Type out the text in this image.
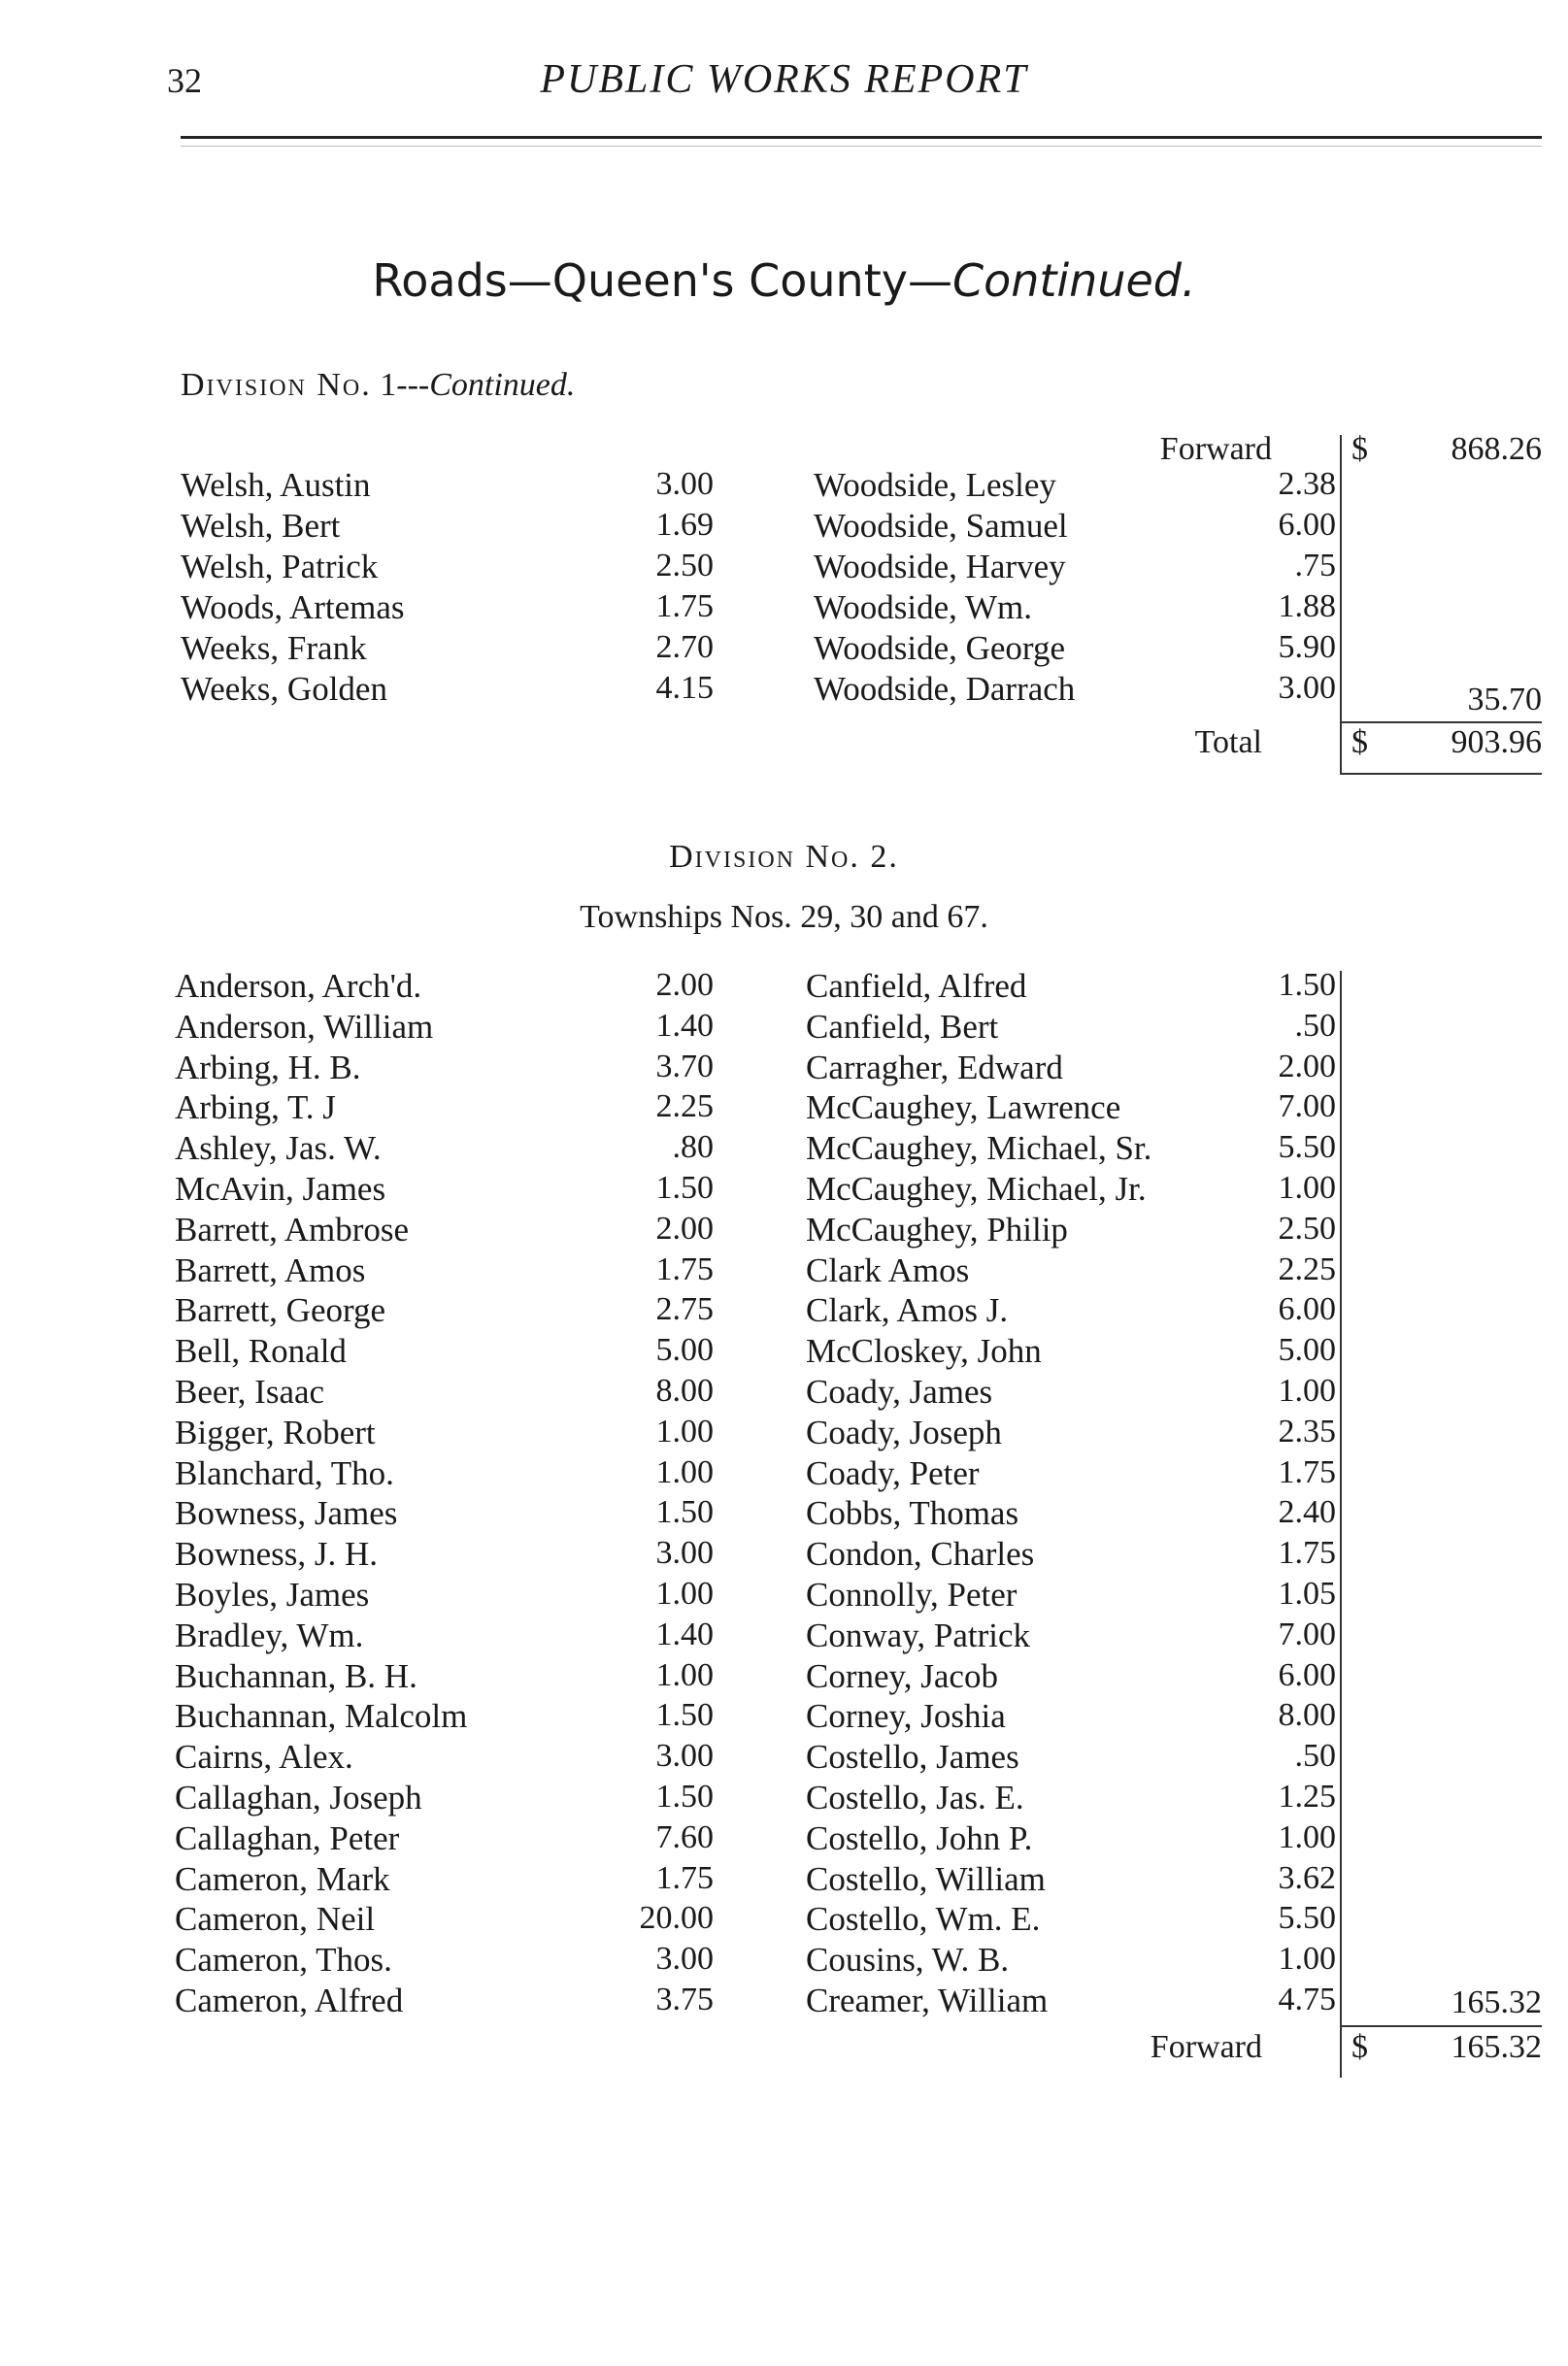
32	PUBLIC WORKS REPORT
Roads—Queen's County—Continued.
Division No. 1---Continued.
Forward $	868.26
Welsh, Austin	3.00
Welsh, Bert	1.69
Welsh, Patrick	2.50
Woods, Artemas	1.75
Weeks, Frank	2.70
Weeks, Golden	4.15
Woodside, Lesley	2.38
Woodside, Samuel	6.00
Woodside, Harvey	.75
Woodside, Wm.	1.88
Woodside, George	5.90
Woodside, Darrach	3.00	35.70
Total	$	903.96
Division No. 2.
Townships Nos. 29, 30 and 67.
Anderson, Arch'd.	2.00
Anderson, William	1.40
Arbing, H. B.	3.70
Arbing, T. J	2.25
Ashley, Jas. W.	.80
McAvin, James	1.50
Barrett, Ambrose	2.00
Barrett, Amos	1.75
Barrett, George	2.75
Bell, Ronald	5.00
Beer, Isaac	8.00
Bigger, Robert	1.00
Blanchard, Tho.	1.00
Bowness, James	1.50
Bowness, J. H.	3.00
Boyles, James	1.00
Bradley, Wm.	1.40
Buchannan, B. H.	1.00
Buchannan, Malcolm	1.50
Cairns, Alex.	3.00
Callaghan, Joseph	1.50
Callaghan, Peter	7.60
Cameron, Mark	1.75
Cameron, Neil	20.00
Cameron, Thos.	3.00
Cameron, Alfred	3.75
Canfield, Alfred	1.50
Canfield, Bert	.50
Carragher, Edward	2.00
McCaughey, Lawrence	7.00
McCaughey, Michael, Sr.	5.50
McCaughey, Michael, Jr.	1.00
McCaughey, Philip	2.50
Clark Amos	2.25
Clark, Amos J.	6.00
McCloskey, John	5.00
Coady, James	1.00
Coady, Joseph	2.35
Coady, Peter	1.75
Cobbs, Thomas	2.40
Condon, Charles	1.75
Connolly, Peter	1.05
Conway, Patrick	7.00
Corney, Jacob	6.00
Corney, Joshia	8.00
Costello, James	.50
Costello, Jas. E.	1.25
Costello, John P.	1.00
Costello, William	3.62
Costello, Wm. E.	5.50
Cousins, W. B.	1.00
Creamer, William	4.75	165.32
Forward	$	165.32
